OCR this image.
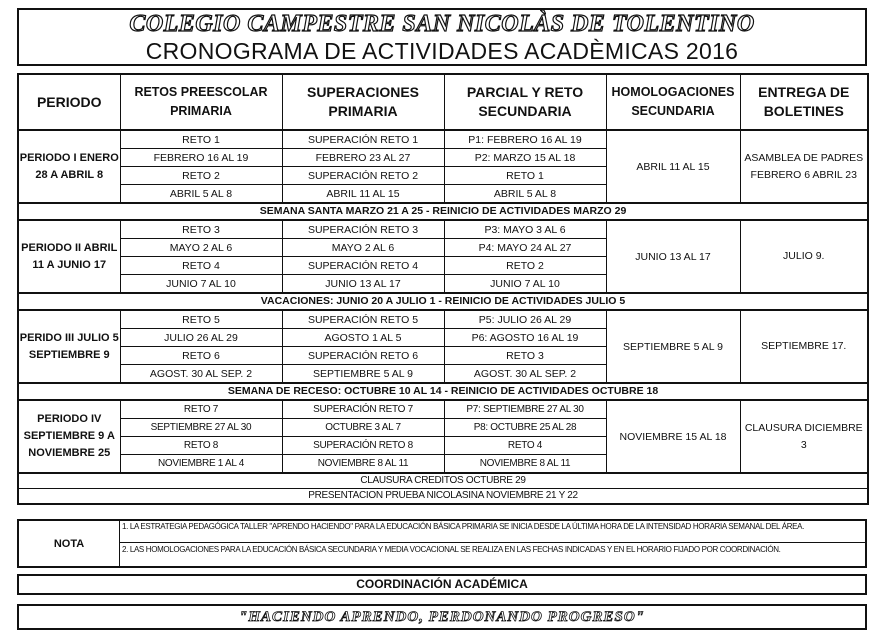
COLEGIO CAMPESTRE SAN NICOLÀS DE TOLENTINO
CRONOGRAMA DE ACTIVIDADES ACADÈMICAS 2016
PERIODO	RETOS PREESCOLAR PRIMARIA	SUPERACIONES PRIMARIA	PARCIAL Y RETO SECUNDARIA	HOMOLOGACIONES SECUNDARIA	ENTREGA DE BOLETINES
PERIODO I ENERO 28 A ABRIL 8	RETO 1	SUPERACIÓN RETO 1	P1: FEBRERO 16 AL 19	ABRIL 11 AL 15	ASAMBLEA DE PADRES FEBRERO 6 ABRIL 23
	FEBRERO 16 AL 19	FEBRERO 23 AL 27	P2: MARZO 15 AL 18		
	RETO 2	SUPERACIÓN RETO 2	RETO 1		
	ABRIL 5 AL 8	ABRIL 11 AL 15	ABRIL 5 AL 8		
SEMANA SANTA MARZO 21 A 25 - REINICIO DE ACTIVIDADES MARZO 29					
PERIODO II ABRIL 11 A JUNIO 17	RETO 3	SUPERACIÓN RETO 3	P3: MAYO 3 AL 6	JUNIO 13 AL 17	JULIO 9.
	MAYO 2 AL 6	MAYO 2 AL 6	P4: MAYO 24 AL 27		
	RETO 4	SUPERACIÓN RETO 4	RETO 2		
	JUNIO 7 AL 10	JUNIO 13 AL 17	JUNIO 7 AL 10		
VACACIONES: JUNIO 20 A JULIO 1 - REINICIO DE ACTIVIDADES JULIO 5					
PERIDO III JULIO 5 SEPTIEMBRE 9	RETO 5	SUPERACIÓN RETO 5	P5: JULIO 26 AL 29	SEPTIEMBRE 5 AL 9	SEPTIEMBRE 17.
	JULIO 26 AL 29	AGOSTO 1 AL 5	P6: AGOSTO 16 AL 19		
	RETO 6	SUPERACIÓN RETO 6	RETO 3		
	AGOST. 30 AL SEP. 2	SEPTIEMBRE 5 AL 9	AGOST. 30 AL SEP. 2		
SEMANA DE RECESO: OCTUBRE 10 AL 14 - REINICIO DE ACTIVIDADES OCTUBRE 18					
PERIODO IV SEPTIEMBRE 9 A NOVIEMBRE 25	RETO 7	SUPERACIÓN RETO 7	P7: SEPTIEMBRE 27 AL 30	NOVIEMBRE 15 AL 18	CLAUSURA DICIEMBRE 3
	SEPTIEMBRE 27 AL 30	OCTUBRE 3 AL 7	P8: OCTUBRE 25 AL 28		
	RETO 8	SUPERACIÓN RETO 8	RETO 4		
	NOVIEMBRE 1 AL 4	NOVIEMBRE 8 AL 11	NOVIEMBRE 8 AL 11		
CLAUSURA CREDITOS OCTUBRE 29					
PRESENTACION PRUEBA NICOLASINA NOVIEMBRE 21 Y 22					
NOTA
1. LA ESTRATEGIA PEDAGÓGICA TALLER "APRENDO HACIENDO" PARA LA EDUCACIÓN BÁSICA PRIMARIA SE INICIA DESDE LA ÚLTIMA HORA DE LA INTENSIDAD HORARIA SEMANAL DEL ÁREA.
2. LAS HOMOLOGACIONES PARA LA EDUCACIÓN BÁSICA SECUNDARIA Y MEDIA VOCACIONAL SE REALIZA EN LAS FECHAS INDICADAS Y EN EL HORARIO FIJADO POR COORDINACIÓN.
COORDINACIÓN ACADÉMICA
"HACIENDO APRENDO, PERDONANDO PROGRESO"
